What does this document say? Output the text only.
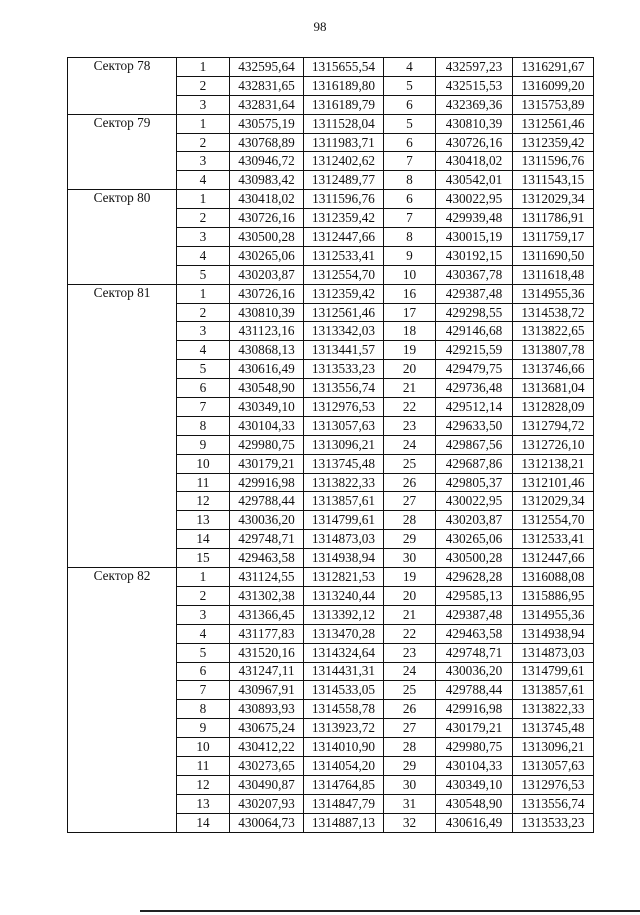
98
Сектор 78	1	432595,64	1315655,54	4	432597,23	1316291,67
	2	432831,65	1316189,80	5	432515,53	1316099,20
	3	432831,64	1316189,79	6	432369,36	1315753,89
Сектор 79	1	430575,19	1311528,04	5	430810,39	1312561,46
	2	430768,89	1311983,71	6	430726,16	1312359,42
	3	430946,72	1312402,62	7	430418,02	1311596,76
	4	430983,42	1312489,77	8	430542,01	1311543,15
Сектор 80	1	430418,02	1311596,76	6	430022,95	1312029,34
	2	430726,16	1312359,42	7	429939,48	1311786,91
	3	430500,28	1312447,66	8	430015,19	1311759,17
	4	430265,06	1312533,41	9	430192,15	1311690,50
	5	430203,87	1312554,70	10	430367,78	1311618,48
Сектор 81	1	430726,16	1312359,42	16	429387,48	1314955,36
	2	430810,39	1312561,46	17	429298,55	1314538,72
	3	431123,16	1313342,03	18	429146,68	1313822,65
	4	430868,13	1313441,57	19	429215,59	1313807,78
	5	430616,49	1313533,23	20	429479,75	1313746,66
	6	430548,90	1313556,74	21	429736,48	1313681,04
	7	430349,10	1312976,53	22	429512,14	1312828,09
	8	430104,33	1313057,63	23	429633,50	1312794,72
	9	429980,75	1313096,21	24	429867,56	1312726,10
	10	430179,21	1313745,48	25	429687,86	1312138,21
	11	429916,98	1313822,33	26	429805,37	1312101,46
	12	429788,44	1313857,61	27	430022,95	1312029,34
	13	430036,20	1314799,61	28	430203,87	1312554,70
	14	429748,71	1314873,03	29	430265,06	1312533,41
	15	429463,58	1314938,94	30	430500,28	1312447,66
Сектор 82	1	431124,55	1312821,53	19	429628,28	1316088,08
	2	431302,38	1313240,44	20	429585,13	1315886,95
	3	431366,45	1313392,12	21	429387,48	1314955,36
	4	431177,83	1313470,28	22	429463,58	1314938,94
	5	431520,16	1314324,64	23	429748,71	1314873,03
	6	431247,11	1314431,31	24	430036,20	1314799,61
	7	430967,91	1314533,05	25	429788,44	1313857,61
	8	430893,93	1314558,78	26	429916,98	1313822,33
	9	430675,24	1313923,72	27	430179,21	1313745,48
	10	430412,22	1314010,90	28	429980,75	1313096,21
	11	430273,65	1314054,20	29	430104,33	1313057,63
	12	430490,87	1314764,85	30	430349,10	1312976,53
	13	430207,93	1314847,79	31	430548,90	1313556,74
	14	430064,73	1314887,13	32	430616,49	1313533,23
